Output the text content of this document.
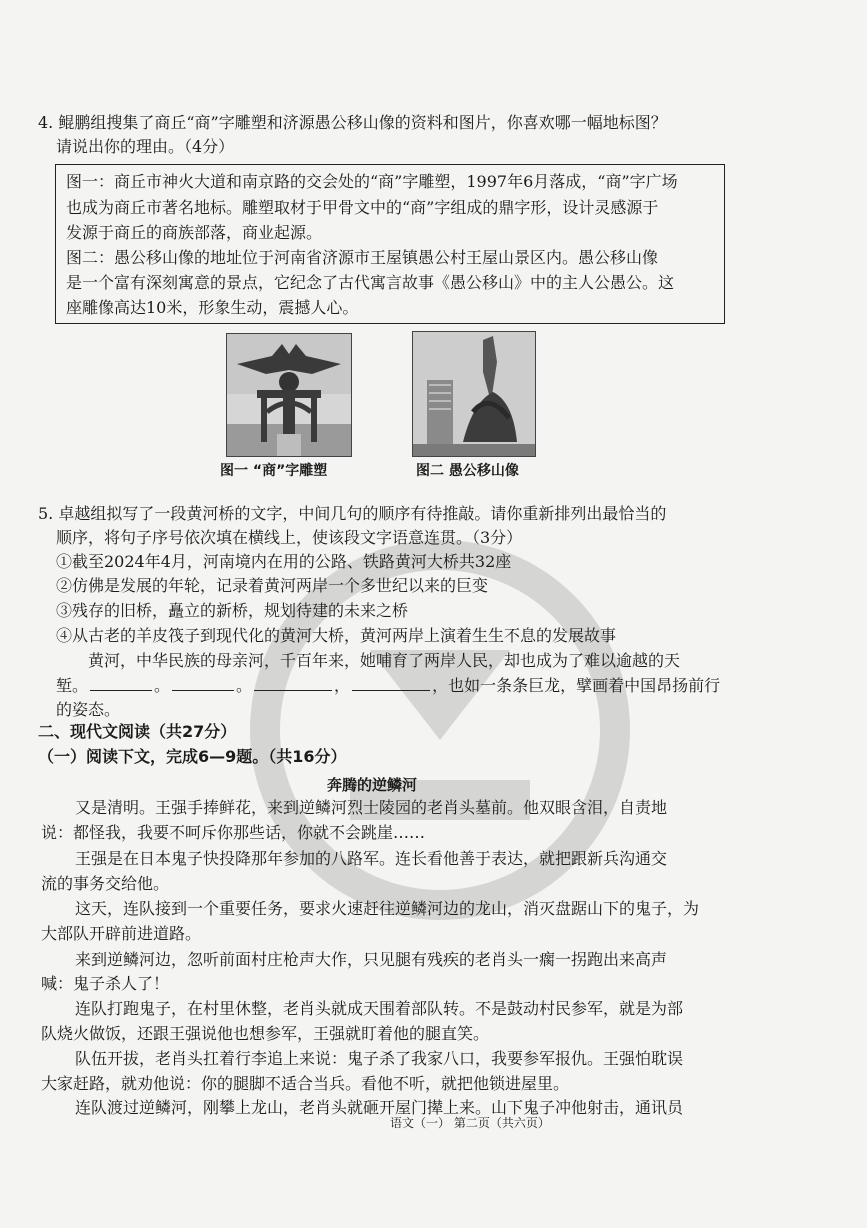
4. 鲲鹏组搜集了商丘“商”字雕塑和济源愚公移山像的资料和图片，你喜欢哪一幅地标图？
请说出你的理由。（4分）
图一：商丘市神火大道和南京路的交会处的“商”字雕塑，1997年6月落成，“商”字广场
也成为商丘市著名地标。雕塑取材于甲骨文中的“商”字组成的鼎字形，设计灵感源于
发源于商丘的商族部落，商业起源。
图二：愚公移山像的地址位于河南省济源市王屋镇愚公村王屋山景区内。愚公移山像
是一个富有深刻寓意的景点，它纪念了古代寓言故事《愚公移山》中的主人公愚公。这
座雕像高达10米，形象生动，震撼人心。
图一 “商”字雕塑	图二 愚公移山像
5. 卓越组拟写了一段黄河桥的文字，中间几句的顺序有待推敲。请你重新排列出最恰当的
顺序，将句子序号依次填在横线上，使该段文字语意连贯。（3分）
①截至2024年4月，河南境内在用的公路、铁路黄河大桥共32座
②仿佛是发展的年轮，记录着黄河两岸一个多世纪以来的巨变
③残存的旧桥，矗立的新桥，规划待建的未来之桥
④从古老的羊皮筏子到现代化的黄河大桥，黄河两岸上演着生生不息的发展故事
黄河，中华民族的母亲河，千百年来，她哺育了两岸人民，却也成为了难以逾越的天
堑。	。	。	，	，也如一条条巨龙，擘画着中国昂扬前行
的姿态。
二、现代文阅读（共27分）
（一）阅读下文，完成6—9题。（共16分）
奔腾的逆鳞河
又是清明。王强手捧鲜花，来到逆鳞河烈士陵园的老肖头墓前。他双眼含泪，自责地
说：都怪我，我要不呵斥你那些话，你就不会跳崖……
王强是在日本鬼子快投降那年参加的八路军。连长看他善于表达，就把跟新兵沟通交
流的事务交给他。
这天，连队接到一个重要任务，要求火速赶往逆鳞河边的龙山，消灭盘踞山下的鬼子，为
大部队开辟前进道路。
来到逆鳞河边，忽听前面村庄枪声大作，只见腿有残疾的老肖头一瘸一拐跑出来高声
喊：鬼子杀人了！
连队打跑鬼子，在村里休整，老肖头就成天围着部队转。不是鼓动村民参军，就是为部
队烧火做饭，还跟王强说他也想参军，王强就盯着他的腿直笑。
队伍开拔，老肖头扛着行李追上来说：鬼子杀了我家八口，我要参军报仇。王强怕耽误
大家赶路，就劝他说：你的腿脚不适合当兵。看他不听，就把他锁进屋里。
连队渡过逆鳞河，刚攀上龙山，老肖头就砸开屋门撵上来。山下鬼子冲他射击，通讯员
语文（一） 第二页（共六页）
